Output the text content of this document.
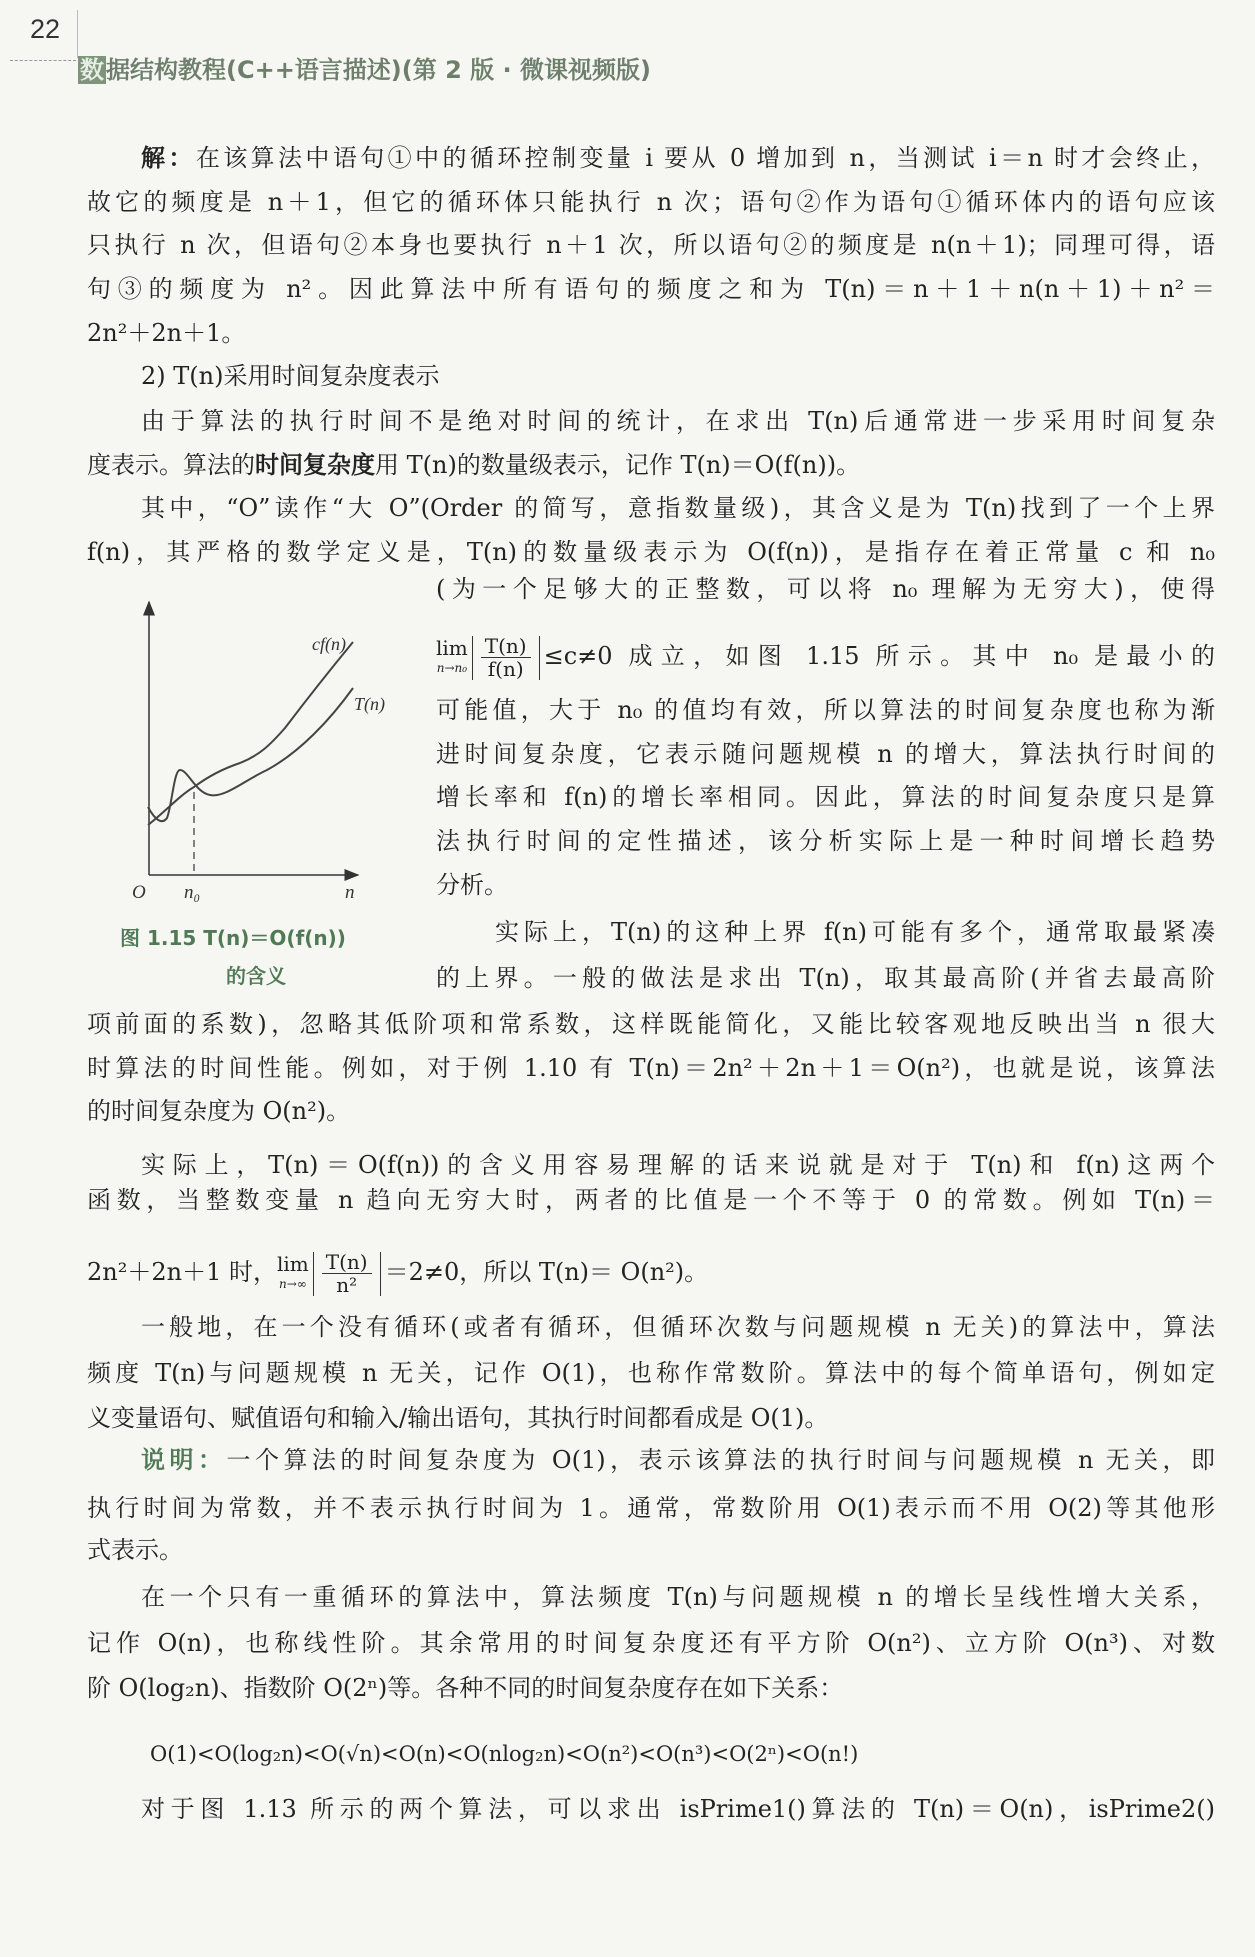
22
数据结构教程(C++语言描述)(第 2 版 · 微课视频版)
解：在该算法中语句①中的循环控制变量 i 要从 0 增加到 n，当测试 i＝n 时才会终止，
故它的频度是 n＋1，但它的循环体只能执行 n 次；语句②作为语句①循环体内的语句应该
只执行 n 次，但语句②本身也要执行 n＋1 次，所以语句②的频度是 n(n＋1)；同理可得，语
句③的频度为 n²。因此算法中所有语句的频度之和为 T(n)＝n＋1＋n(n＋1)＋n²＝
2n²＋2n＋1。
2) T(n)采用时间复杂度表示
由于算法的执行时间不是绝对时间的统计，在求出 T(n)后通常进一步采用时间复杂
度表示。算法的时间复杂度用 T(n)的数量级表示，记作 T(n)＝O(f(n))。
其中，“O”读作“大 O”(Order 的简写，意指数量级)，其含义是为 T(n)找到了一个上界
f(n)，其严格的数学定义是，T(n)的数量级表示为 O(f(n))，是指存在着正常量 c 和 n₀
(为一个足够大的正整数，可以将 n₀ 理解为无穷大)，使得
lim
$n\to n_0 \frac{T(n)}{f(n)} \le c\ne 0$ 成立，如图 1.15 所示。其中 n₀ 是最小的
可能值，大于 n₀ 的值均有效，所以算法的时间复杂度也称为渐
进时间复杂度，它表示随问题规模 n 的增大，算法执行时间的
增长率和 f(n)的增长率相同。因此，算法的时间复杂度只是算
法执行时间的定性描述，该分析实际上是一种时间增长趋势
分析。
实际上，T(n)的这种上界 f(n)可能有多个，通常取最紧凑
的上界。一般的做法是求出 T(n)，取其最高阶(并省去最高阶
cf(n)
T(n)
O n₀	n
图 1.15 T(n)＝O(f(n))
的含义
项前面的系数)，忽略其低阶项和常系数，这样既能简化，又能比较客观地反映出当 n 很大
时算法的时间性能。例如，对于例 1.10 有 T(n)＝2n²＋2n＋1＝O(n²)，也就是说，该算法
的时间复杂度为 O(n²)。
实际上，T(n)＝O(f(n))的含义用容易理解的话来说就是对于 T(n)和 f(n)这两个
函数，当整数变量 n 趋向无穷大时，两者的比值是一个不等于 0 的常数。例如 T(n)＝
2n²＋2n＋1 时， lim
$n\to\infty \frac{T(n)}{\text{n²}} =2\ne 0$，所以 T(n)＝ O(n²)。
一般地，在一个没有循环(或者有循环，但循环次数与问题规模 n 无关)的算法中，算法
频度 T(n)与问题规模 n 无关，记作 O(1)，也称作常数阶。算法中的每个简单语句，例如定
义变量语句、赋值语句和输入/输出语句，其执行时间都看成是 O(1)。
说明：一个算法的时间复杂度为 O(1)，表示该算法的执行时间与问题规模 n 无关，即
执行时间为常数，并不表示执行时间为 1。通常，常数阶用 O(1)表示而不用 O(2)等其他形
式表示。
在一个只有一重循环的算法中，算法频度 T(n)与问题规模 n 的增长呈线性增大关系，
记作 O(n)，也称线性阶。其余常用的时间复杂度还有平方阶 O(n²)、立方阶 O(n³)、对数
阶 O(log₂n)、指数阶 O(2ⁿ)等。各种不同的时间复杂度存在如下关系：
O(1)<O(log₂n)<O(√n)<O(n)<O(nlog₂n)<O(n²)<O(n³)<O(2ⁿ)<O(n!)
对于图 1.13 所示的两个算法，可以求出 isPrime1()算法的 T(n)＝O(n)，isPrime2()
